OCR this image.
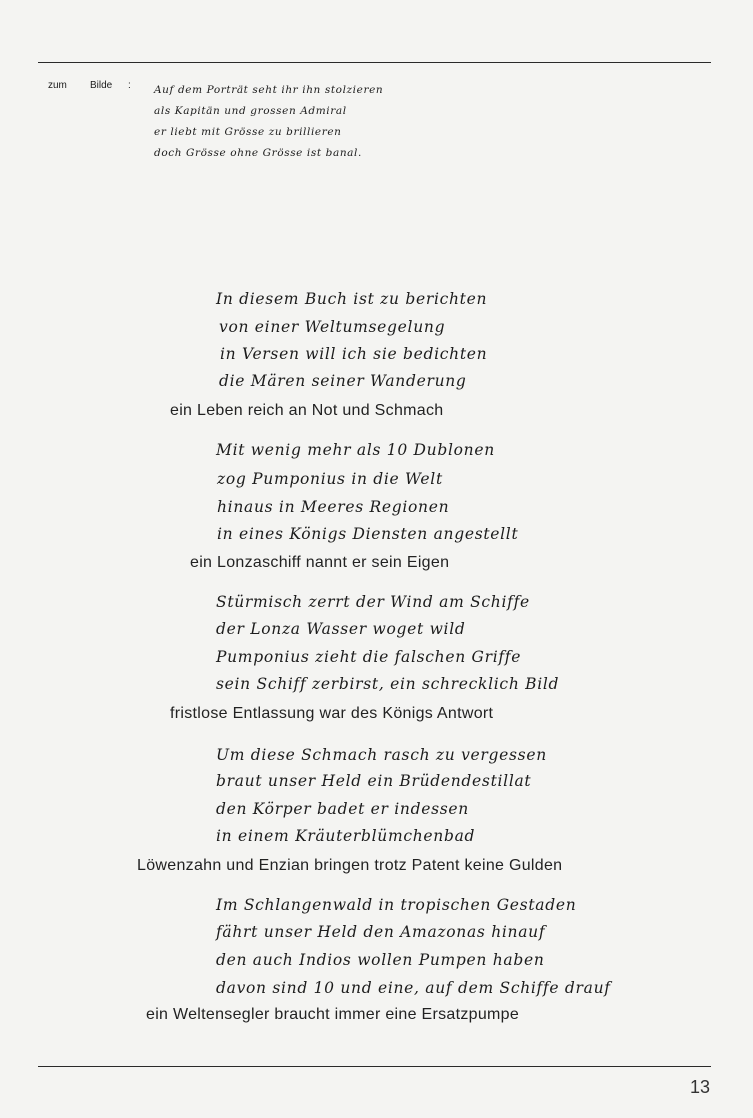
zum Bilde : Auf dem Porträt seht ihr ihn stolzieren
als Kapitän und grossen Admiral
er liebt mit Grösse zu brillieren
doch Grösse ohne Grösse ist banal.
In diesem Buch ist zu berichten
von einer Weltumsegelung
in Versen will ich sie bedichten
die Mären seiner Wanderung
ein Leben reich an Not und Schmach
Mit wenig mehr als 10 Dublonen
zog Pumponius in die Welt
hinaus in Meeres Regionen
in eines Königs Diensten angestellt
ein Lonzaschiff nannt er sein Eigen
Stürmisch zerrt der Wind am Schiffe
der Lonza Wasser woget wild
Pumponius zieht die falschen Griffe
sein Schiff zerbirst, ein schrecklich Bild
fristlose Entlassung war des Königs Antwort
Um diese Schmach rasch zu vergessen
braut unser Held ein Brüdendestillat
den Körper badet er indessen
in einem Kräuterblümchenbad
Löwenzahn und Enzian bringen trotz Patent keine Gulden
Im Schlangenwald in tropischen Gestaden
fährt unser Held den Amazonas hinauf
den auch Indios wollen Pumpen haben
davon sind 10 und eine, auf dem Schiffe drauf
ein Weltensegler braucht immer eine Ersatzpumpe
13
